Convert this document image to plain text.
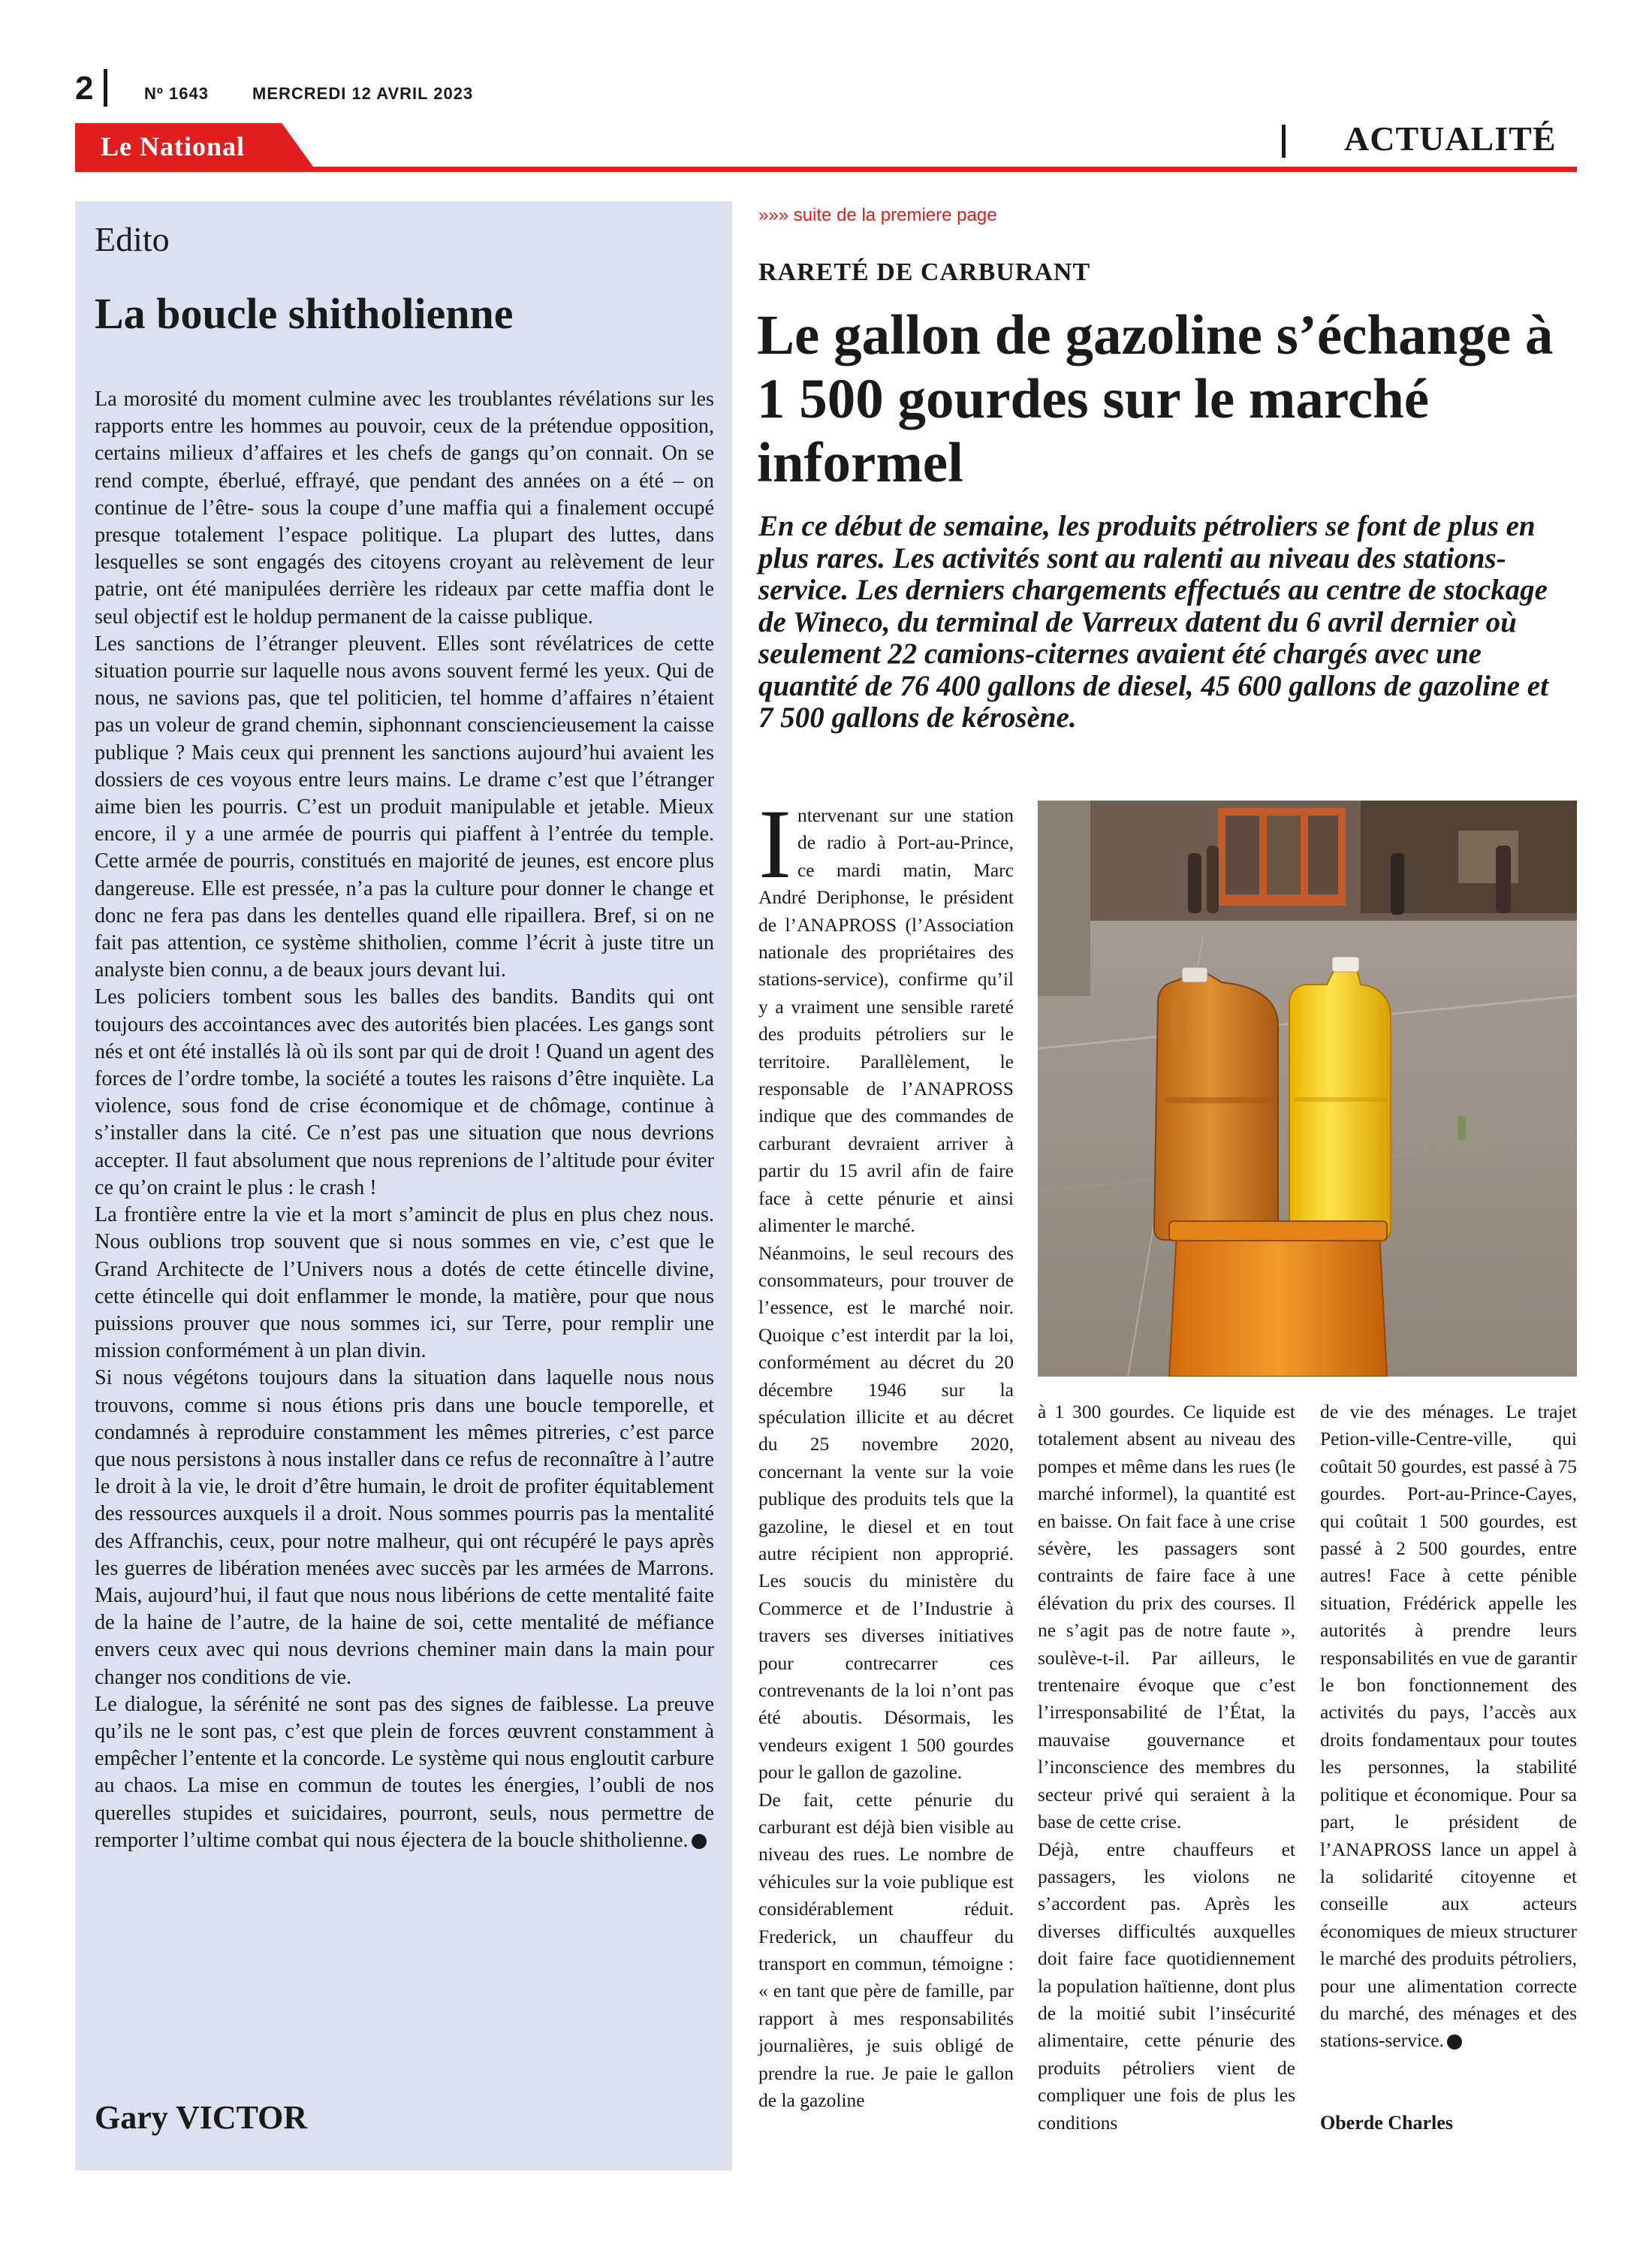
2	Nº 1643	MERCREDI 12 AVRIL 2023
Le National	ACTUALITÉ
Edito
La boucle shitholienne

La morosité du moment culmine avec les troublantes révélations sur les rapports entre les hommes au pouvoir, ceux de la prétendue opposition, certains milieux d’affaires et les chefs de gangs qu’on connait. On se rend compte, éberlué, effrayé, que pendant des années on a été – on continue de l’être- sous la coupe d’une maffia qui a finalement occupé presque totalement l’espace politique. La plupart des luttes, dans lesquelles se sont engagés des citoyens croyant au relèvement de leur patrie, ont été manipulées derrière les rideaux par cette maffia dont le seul objectif est le holdup permanent de la caisse publique.

Les sanctions de l’étranger pleuvent. Elles sont révélatrices de cette situation pourrie sur laquelle nous avons souvent fermé les yeux. Qui de nous, ne savions pas, que tel politicien, tel homme d’affaires n’étaient pas un voleur de grand chemin, siphonnant consciencieusement la caisse publique ? Mais ceux qui prennent les sanctions aujourd’hui avaient les dossiers de ces voyous entre leurs mains. Le drame c’est que l’étranger aime bien les pourris. C’est un produit manipulable et jetable. Mieux encore, il y a une armée de pourris qui piaffent à l’entrée du temple. Cette armée de pourris, constitués en majorité de jeunes, est encore plus dangereuse. Elle est pressée, n’a pas la culture pour donner le change et donc ne fera pas dans les dentelles quand elle ripaillera. Bref, si on ne fait pas attention, ce système shitholien, comme l’écrit à juste titre un analyste bien connu, a de beaux jours devant lui.

Les policiers tombent sous les balles des bandits. Bandits qui ont toujours des accointances avec des autorités bien placées. Les gangs sont nés et ont été installés là où ils sont par qui de droit ! Quand un agent des forces de l’ordre tombe, la société a toutes les raisons d’être inquiète. La violence, sous fond de crise économique et de chômage, continue à s’installer dans la cité. Ce n’est pas une situation que nous devrions accepter. Il faut absolument que nous reprenions de l’altitude pour éviter ce qu’on craint le plus : le crash !

La frontière entre la vie et la mort s’amincit de plus en plus chez nous. Nous oublions trop souvent que si nous sommes en vie, c’est que le Grand Architecte de l’Univers nous a dotés de cette étincelle divine, cette étincelle qui doit enflammer le monde, la matière, pour que nous puissions prouver que nous sommes ici, sur Terre, pour remplir une mission conformément à un plan divin.

Si nous végétons toujours dans la situation dans laquelle nous nous trouvons, comme si nous étions pris dans une boucle temporelle, et condamnés à reproduire constamment les mêmes pitreries, c’est parce que nous persistons à nous installer dans ce refus de reconnaître à l’autre le droit à la vie, le droit d’être humain, le droit de profiter équitablement des ressources auxquels il a droit. Nous sommes pourris pas la mentalité des Affranchis, ceux, pour notre malheur, qui ont récupéré le pays après les guerres de libération menées avec succès par les armées de Marrons. Mais, aujourd’hui, il faut que nous nous libérions de cette mentalité faite de la haine de l’autre, de la haine de soi, cette mentalité de méfiance envers ceux avec qui nous devrions cheminer main dans la main pour changer nos conditions de vie.

Le dialogue, la sérénité ne sont pas des signes de faiblesse. La preuve qu’ils ne le sont pas, c’est que plein de forces œuvrent constamment à empêcher l’entente et la concorde. Le système qui nous engloutit carbure au chaos. La mise en commun de toutes les énergies, l’oubli de nos querelles stupides et suicidaires, pourront, seuls, nous permettre de remporter l’ultime combat qui nous éjectera de la boucle shitholienne.

Gary VICTOR
»»» suite de la premiere page
RARETÉ DE CARBURANT
Le gallon de gazoline s’échange à 1 500 gourdes sur le marché informel
En ce début de semaine, les produits pétroliers se font de plus en plus rares. Les activités sont au ralenti au niveau des stations-service. Les derniers chargements effectués au centre de stockage de Wineco, du terminal de Varreux datent du 6 avril dernier où seulement 22 camions-citernes avaient été chargés avec une quantité de 76 400 gallons de diesel, 45 600 gallons de gazoline et 7 500 gallons de kérosène.

Intervenant sur une station de radio à Port-au-Prince, ce mardi matin, Marc André Deriphonse, le président de l’ANAPROSS (l’Association nationale des propriétaires des stations-service), confirme qu’il y a vraiment une sensible rareté des produits pétroliers sur le territoire. Parallèlement, le responsable de l’ANAPROSS indique que des commandes de carburant devraient arriver à partir du 15 avril afin de faire face à cette pénurie et ainsi alimenter le marché.

Néanmoins, le seul recours des consommateurs, pour trouver de l’essence, est le marché noir. Quoique c’est interdit par la loi, conformément au décret du 20 décembre 1946 sur la spéculation illicite et au décret du 25 novembre 2020, concernant la vente sur la voie publique des produits tels que la gazoline, le diesel et en tout autre récipient non approprié. Les soucis du ministère du Commerce et de l’Industrie à travers ses diverses initiatives pour contrecarrer ces contrevenants de la loi n’ont pas été aboutis. Désormais, les vendeurs exigent 1 500 gourdes pour le gallon de gazoline.

De fait, cette pénurie du carburant est déjà bien visible au niveau des rues. Le nombre de véhicules sur la voie publique est considérablement réduit. Frederick, un chauffeur du transport en commun, témoigne : « en tant que père de famille, par rapport à mes responsabilités journalières, je suis obligé de prendre la rue. Je paie le gallon de la gazoline

à 1 300 gourdes. Ce liquide est totalement absent au niveau des pompes et même dans les rues (le marché informel), la quantité est en baisse. On fait face à une crise sévère, les passagers sont contraints de faire face à une élévation du prix des courses. Il ne s’agit pas de notre faute », soulève-t-il. Par ailleurs, le trentenaire évoque que c’est l’irresponsabilité de l’État, la mauvaise gouvernance et l’inconscience des membres du secteur privé qui seraient à la base de cette crise.

Déjà, entre chauffeurs et passagers, les violons ne s’accordent pas. Après les diverses difficultés auxquelles doit faire face quotidiennement la population haïtienne, dont plus de la moitié subit l’insécurité alimentaire, cette pénurie des produits pétroliers vient de compliquer une fois de plus les conditions

de vie des ménages. Le trajet Petion-ville-Centre-ville, qui coûtait 50 gourdes, est passé à 75 gourdes. Port-au-Prince-Cayes, qui coûtait 1 500 gourdes, est passé à 2 500 gourdes, entre autres! Face à cette pénible situation, Frédérick appelle les autorités à prendre leurs responsabilités en vue de garantir le bon fonctionnement des activités du pays, l’accès aux droits fondamentaux pour toutes les personnes, la stabilité politique et économique. Pour sa part, le président de l’ANAPROSS lance un appel à la solidarité citoyenne et conseille aux acteurs économiques de mieux structurer le marché des produits pétroliers, pour une alimentation correcte du marché, des ménages et des stations-service.

Oberde Charles
